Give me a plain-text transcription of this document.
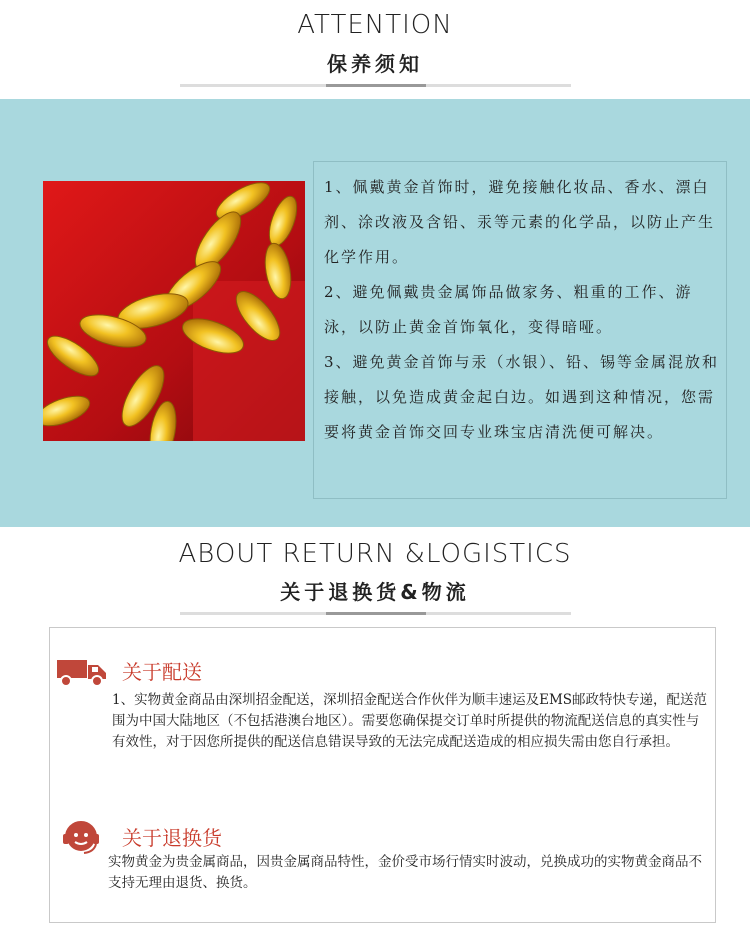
ATTENTION
保养须知

1、佩戴黄金首饰时，避免接触化妆品、香水、漂白剂、涂改液及含铅、汞等元素的化学品，以防止产生化学作用。

2、避免佩戴贵金属饰品做家务、粗重的工作、游泳，以防止黄金首饰氧化，变得暗哑。

3、避免黄金首饰与汞（水银）、铅、锡等金属混放和接触，以免造成黄金起白边。如遇到这种情况，您需要将黄金首饰交回专业珠宝店清洗便可解决。

ABOUT RETURN &LOGISTICS
关于退换货&物流
关于配送

1、实物黄金商品由深圳招金配送，深圳招金配送合作伙伴为顺丰速运及EMS邮政特快专递，配送范围为中国大陆地区（不包括港澳台地区）。需要您确保提交订单时所提供的物流配送信息的真实性与有效性，对于因您所提供的配送信息错误导致的无法完成配送造成的相应损失需由您自行承担。

关于退换货

实物黄金为贵金属商品，因贵金属商品特性，金价受市场行情实时波动，兑换成功的实物黄金商品不支持无理由退货、换货。
